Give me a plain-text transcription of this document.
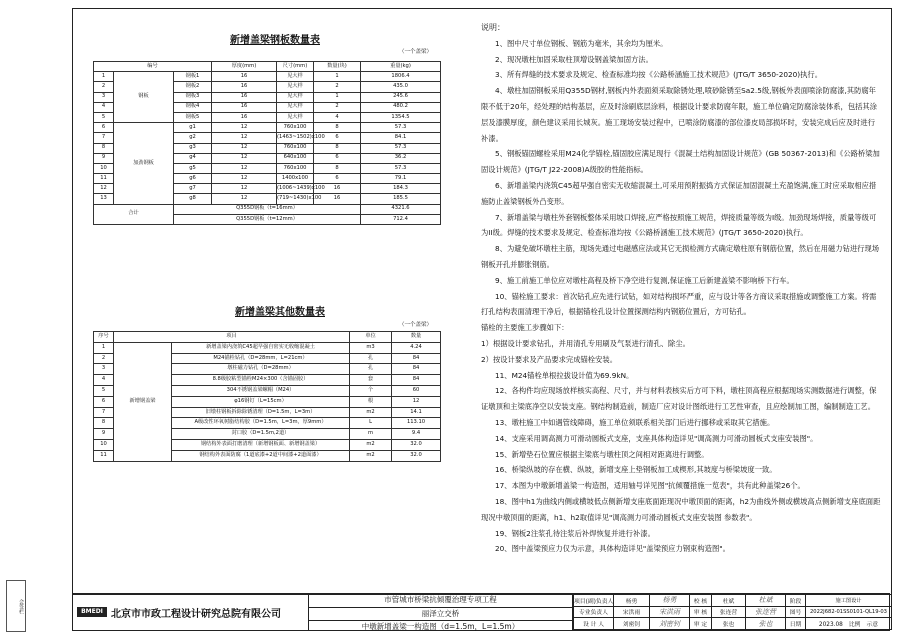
新增盖梁钢板数量表
（一个盖梁）
编号			厚度(mm)	尺寸(mm)	数量(块)	重量(kg)
1	钢板	钢板1	16	见大样	1	1806.4
2		钢板2	16	见大样	2	435.0
3		钢板3	16	见大样	1	245.6
4		钢板4	16	见大样	2	480.2
5		钢板5	16	见大样	4	1354.5
6	加劲钢板	g1	12	760x100	8	57.3
7		g2	12	(1463~1502)x100	6	84.1
8		g3	12	760x100	8	57.3
9		g4	12	640x100	6	36.2
10		g5	12	760x100	8	57.3
11		g6	12	1400x100	6	79.1
12		g7	12	(1006~1439)x100	16	184.3
13		g8	12	(719~1430)x100	16	185.5
合计		Q355D钢板（t=16mm）				4321.6
		Q355D钢板（t=12mm）				712.4
新增盖梁其他数量表
（一个盖梁）
序号	项目		单位	数量
1	新增钢盖梁	新增盖梁内浇筑C45超早强自密实无收缩混凝土	m3	4.24
2		M24锚栓钻孔（D=28mm，L=21cm）	孔	84
3		墩柱磁力钻孔（D=28mm）	孔	84
4		8.8级胶粘型锚栓M24×300（含锚固胶）	套	84
5		304不锈钢盖梁螺帽（M24）	个	60
6		φ16钢钉（L=15cm）	根	12
7		旧墩柱钢板拆除除锈清理（D=1.5m，L=3m）	m2	14.1
8		A级改性环氧树脂结构胶（D=1.5m，L=3m，厚9mm）	L	113.10
9		封口胶（D=1.5m,2道）	m	9.4
10		钢结构外表面打磨清理（新增钢板面、新增钢盖梁）	m2	32.0
11		钢结构外表面防腐（1道底漆+2道中间漆+2道面漆）	m2	32.0
说明：
1、图中尺寸单位钢板、钢筋为毫米，其余均为厘米。
2、现况墩柱加固采取柱顶增设钢盖梁加固方法。
3、所有焊缝的技术要求及规定、检查标准均按《公路桥涵施工技术规范》(JTG/T 3650-2020)执行。
4、墩柱加固钢板采用Q355D钢材,钢板内外表面须采取除锈处理,喷砂除锈至Sa2.5级,钢板外表面喷涂防腐漆,其防腐年限不低于20年，经处理的结构基层，应及时涂刷底层涂料，根据设计要求防腐年限，施工单位确定防腐涂装体系，包括其涂层及漆膜厚度，颜色建议采用长城灰。施工现场安装过程中，已喷涂防腐漆的部位漆皮局部损坏时，安装完成后应及时进行补漆。
5、钢板锚固螺栓采用M24化学锚栓,锚固胶应满足现行《混凝土结构加固设计规范》(GB 50367-2013)和《公路桥梁加固设计规范》(JTG/T J22-2008)A级胶的性能指标。
6、新增盖梁内浇筑C45超早强自密实无收缩混凝土,可采用预附振捣方式保证加固混凝土充盈饱满,施工时应采取相应措施防止盖梁钢板外凸变形。
7、新增盖梁与墩柱外套钢板整体采用坡口焊接,应严格按照施工规范，焊接质量等级为I级。加劲现场焊接，质量等级可为II级。焊缝的技术要求及规定、检查标准均按《公路桥涵施工技术规范》(JTG/T 3650-2020)执行。
8、为避免破坏墩柱主筋，现场先通过电磁感应法或其它无损检测方式确定墩柱原有钢筋位置，然后在用磁力钻进行现场钢板开孔并膨胀钢筋。
9、施工前施工单位应对墩柱高程及桥下净空进行复测,保证施工后新建盖梁不影响桥下行车。
10、锚栓施工要求：首次钻孔应先进行试钻，如对结构损坏严重，应与设计等各方商议采取措施或调整施工方案。将需打孔结构表面清理干净后，根据锚栓孔设计位置探测结构内钢筋位置后，方可钻孔。
锚栓的主要施工步骤如下：
1）根据设计要求钻孔，并用清孔专用刷及气泵进行清孔、除尘。
2）按设计要求及产品要求完成锚栓安装。
11、M24锚栓单根拉拔设计值为69.9kN。
12、各构件均应现场放样核实高程、尺寸，并与材料表核实后方可下料，墩柱顶高程应根据现场实测数据进行调整，保证墩顶和主梁底净空以安装支座。钢结构制造前，制造厂应对设计图纸进行工艺性审查，且应绘制加工图，编制制造工艺。
13、墩柱施工中如遇管线障碍，施工单位须联系相关部门后进行挪移或采取其它措施。
14、支座采用调高测力可滑动圆板式支座，支座具体构造详见"调高测力可滑动圆板式支座安装图"。
15、新增垫石位置应根据主梁底与墩柱顶之间相对距离进行调整。
16、桥梁纵坡的存在横、纵坡，新增支座上垫钢板加工成楔形,其坡度与桥梁坡度一致。
17、本图为中墩新增盖梁一构造图，适用轴号详见图"抗倾覆措施一览表"，共有此种盖梁26个。
18、图中h1为曲线内侧或横坡低点侧新增支座底面距现况中墩顶面的距离，h2为曲线外侧或横坡高点侧新增支座底面距现况中墩顶面的距离，h1、h2取值详见"调高测力可滑动圆板式支座安装图 参数表"。
19、钢板2注浆孔待注浆后补焊恢复并进行补漆。
20、图中盖梁预应力仅为示意，具体构造详见"盖梁预应力钢束构造图"。
会签栏	BMEDI 北京市市政工程设计研究总院有限公司
市管城市桥梁抗倾覆治理专项工程
丽泽立交桥
中墩新增盖梁一构造图（d=1.5m，L=1.5m）
项目(副)负责人	杨勇	杨勇	校 核	杜斌	杜斌	阶段	施工图设计
专业负责人	宋洪雨	宋洪雨	审 核	张连营	张连营	图号	2022J682-01SS0101-QL19-03
设 计 人	刘密钊	刘密钊	审 定	张也	张也	日期	2023.08 比例 示意
